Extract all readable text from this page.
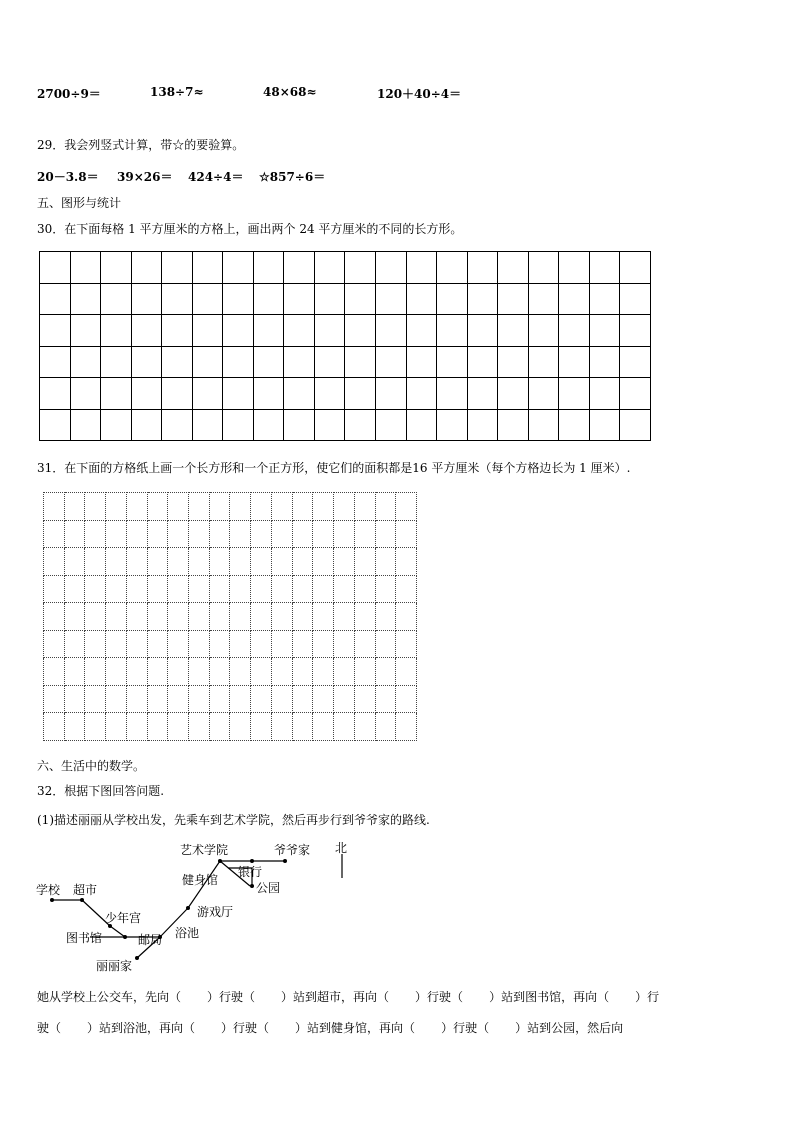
2700÷9＝	138÷7≈	48×68≈	120＋40÷4＝
29．我会列竖式计算，带☆的要验算。
20－3.8＝ 39×26＝ 424÷4＝ ☆857÷6＝
五、图形与统计
30．在下面每格 1 平方厘米的方格上，画出两个 24 平方厘米的不同的长方形。

31．在下面的方格纸上画一个长方形和一个正方形，使它们的面积都是16 平方厘米（每个方格边长为 1 厘米）.

六、生活中的数学。
32．根据下图回答问题.
(1)描述丽丽从学校出发，先乘车到艺术学院，然后再步行到爷爷家的路线.
艺术学院	爷爷家 北
银行
健身馆
公园
学校 超市
少年宫	游戏厅
图书馆	邮局 浴池
丽丽家
她从学校上公交车，先向（ ）行驶（ ）站到超市，再向（ ）行驶（ ）站到图书馆，再向（ ）行
驶（ ）站到浴池，再向（ ）行驶（ ）站到健身馆，再向（ ）行驶（ ）站到公园，然后向
